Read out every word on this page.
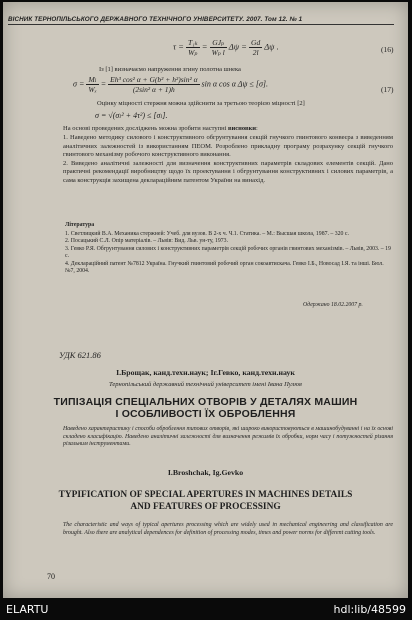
ВІСНИК ТЕРНОПІЛЬСЬКОГО ДЕРЖАВНОГО ТЕХНІЧНОГО УНІВЕРСИТЕТУ. 2007. Том 12. № 1
$\tau = \frac{\text{T₁ₖ}}{\text{Wₚ}} = \frac{\text{GJₚ}}{\text{Wₚ l}}$ $\Delta\psi = \frac{Gd}{2l}$ Δψ .	(16)
Із [1] визначаємо напруження згину полотна шнека
$\sigma = \frac{\text{Mₗ}}{\text{Wₓ}} = \frac{\text{Eh³ cos² α + G(b² + h²)sin² α}}{\text{(2sin² α + 1)h}}$ sin α cos α Δψ ≤ [σ].
(17)
Оцінку міцності стержня можна здійснити за третьою теорією міцності [2]
σ = √(σₗ² + 4τ²) ≤ [σₗ].
На основі проведених досліджень можна зробити наступні висновки:
1. Наведено методику силового і конструктивного обгрунтування секцій гнучкого гвинтового конвеєра з виведенням аналітичних залежностей із використанням ПЕОМ. Розроблено прикладну програму розрахунку секцій гнучкого гвинтового механізму робочого конструктивного виконання.
2. Виведено аналітичні залежності для визначення конструктивних параметрів складових елементів секцій. Дано практичні рекомендації виробництву щодо їх проектування і обгрунтування конструктивних і силових параметрів, а сама конструкція захищена деклараційним патентом України на винахід.
Література
1. Светлицкий В.А. Механика стержней: Учеб. для вузов. В 2-х ч. Ч.1. Статика. – М.: Высшая школа, 1987. – 320 с.
2. Посацький С.Л. Опір матеріалів. – Львів: Вид. Льв. ун-ту, 1973.
3. Гевко Р.Я. Обгрунтування силових і конструктивних параметрів секцій робочих органів гвинтових механізмів. – Львів, 2003. – 19 с.
4. Деклараційний патент №7812 Україна. Гнучкий гвинтовий робочий орган сокоавтискача. Гевко І.Б., Новосад І.Я. та інші. Бюл.№7, 2004.
Одержано 18.02.2007 р.
УДК 621.86
І.Брощак, канд.техн.наук; Іг.Гевко, канд.техн.наук
Тернопільський державний технічний університет імені Івана Пулюя
ТИПІЗАЦІЯ СПЕЦІАЛЬНИХ ОТВОРІВ У ДЕТАЛЯХ МАШИН
І ОСОБЛИВОСТІ ЇХ ОБРОБЛЕННЯ
Наведено характеристику і способи оброблення типових отворів, які широко використовуються в машинобудуванні і на їх основі складено класифікацію. Наведено аналітичні залежності для визначення режимів їх обробки, норм часу і потужностей різання різальним інструментами.
I.Broshchak, Ig.Gevko
TYPIFICATION OF SPECIAL APERTURES IN MACHINES DETAILS
AND FEATURES OF PROCESSING
The characteristic and ways of typical apertures processing which are widely used in mechanical engineering and classification are brought. Also there are analytical dependences for definition of processing modes, times and power norms for different cutting tools.
70
ELARTU	hdl:lib/48599
